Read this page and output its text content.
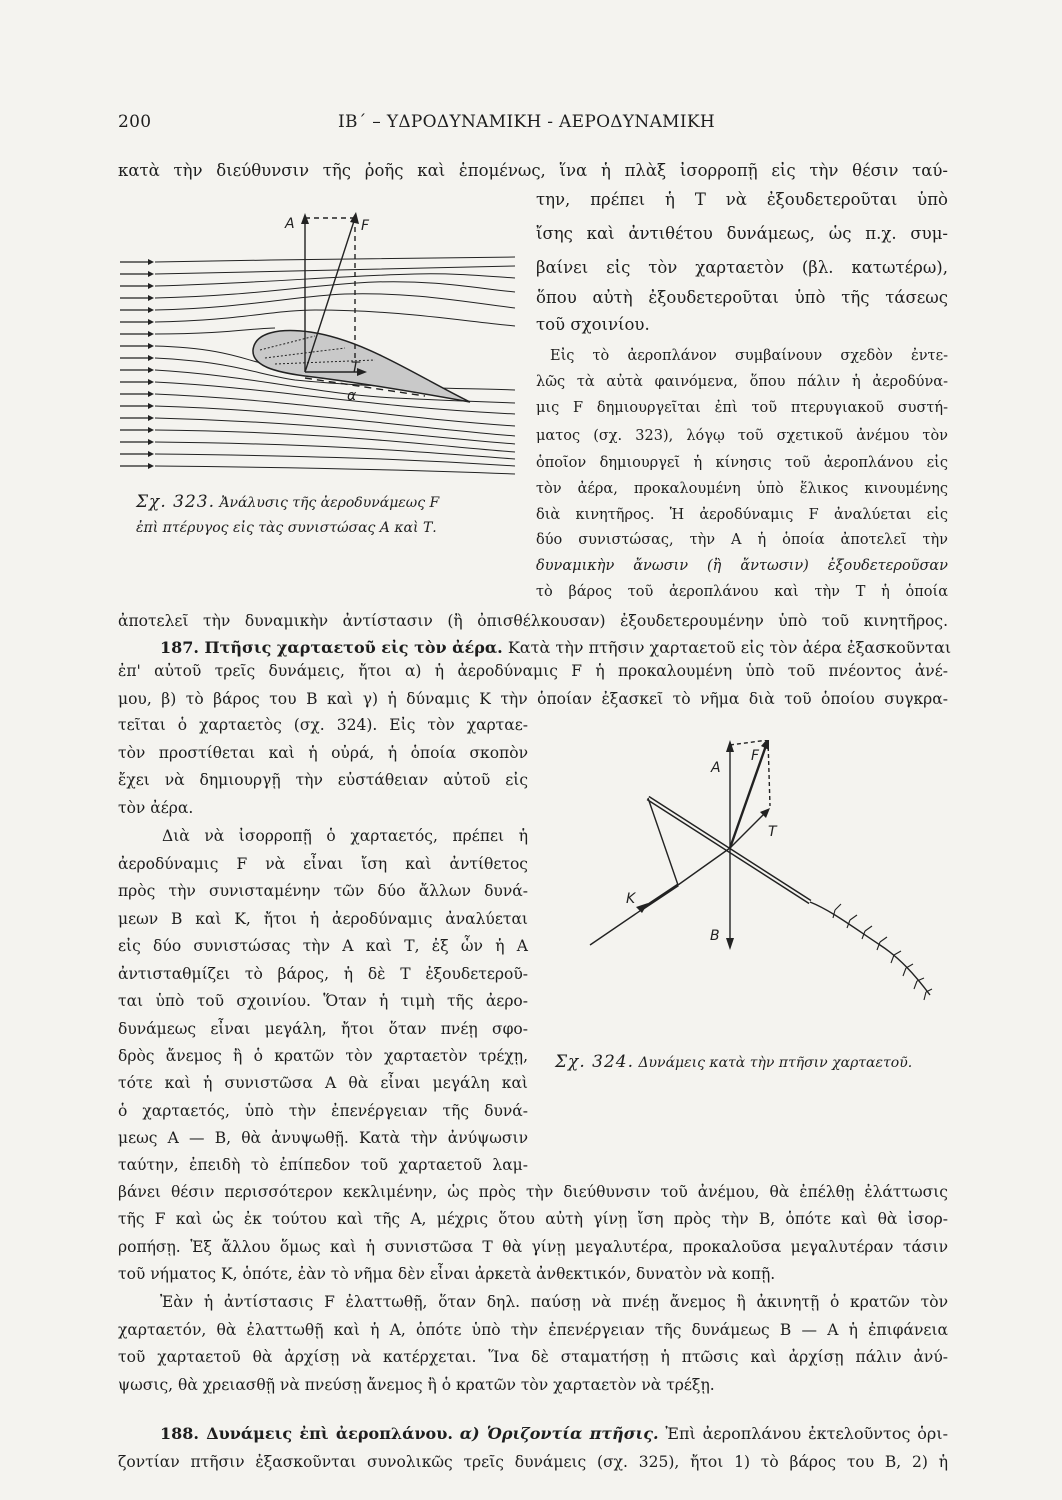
200	ΙΒ΄ – ΥΔΡΟΔΥΝΑΜΙΚΗ - ΑΕΡΟΔΥΝΑΜΙΚΗ
κατὰ τὴν διεύθυνσιν τῆς ῥοῆς καὶ ἑπομένως, ἵνα ἡ πλὰξ ἰσορροπῇ εἰς τὴν θέσιν ταύ-
την, πρέπει ἡ Τ νὰ ἐξουδετεροῦται ὑπὸ
ἴσης καὶ ἀντιθέτου δυνάμεως, ὡς π.χ. συμ-
βαίνει εἰς τὸν χαρταετὸν (βλ. κατωτέρω),
ὅπου αὐτὴ ἐξουδετεροῦται ὑπὸ τῆς τάσεως
τοῦ σχοινίου.
Εἰς τὸ ἀεροπλάνον συμβαίνουν σχεδὸν ἐντε-
λῶς τὰ αὐτὰ φαινόμενα, ὅπου πάλιν ἡ ἀεροδύνα-
μις F δημιουργεῖται ἐπὶ τοῦ πτερυγιακοῦ συστή-
ματος (σχ. 323), λόγῳ τοῦ σχετικοῦ ἀνέμου τὸν
ὁποῖον δημιουργεῖ ἡ κίνησις τοῦ ἀεροπλάνου εἰς
τὸν ἀέρα, προκαλουμένη ὑπὸ ἕλικος κινουμένης
διὰ κινητῆρος. Ἡ ἀεροδύναμις F ἀναλύεται εἰς
δύο συνιστώσας, τὴν Α ἡ ὁποία ἀποτελεῖ τὴν
δυναμικὴν ἄνωσιν (ἢ ἄντωσιν) ἐξουδετεροῦσαν
τὸ βάρος τοῦ ἀεροπλάνου καὶ τὴν Τ ἡ ὁποία
ἀποτελεῖ τὴν δυναμικὴν ἀντίστασιν (ἢ ὀπισθέλκουσαν) ἐξουδετερουμένην ὑπὸ τοῦ κινητῆρος.
A	F
T
α
Σχ. 323. Ἀνάλυσις τῆς ἀεροδυνάμεως F
ἐπὶ πτέρυγος εἰς τὰς συνιστώσας Α καὶ Τ.
187. Πτῆσις χαρταετοῦ εἰς τὸν ἀέρα. Κατὰ τὴν πτῆσιν χαρταετοῦ εἰς τὸν ἀέρα ἐξασκοῦνται
ἐπ' αὐτοῦ τρεῖς δυνάμεις, ἤτοι α) ἡ ἀεροδύναμις F ἡ προκαλουμένη ὑπὸ τοῦ πνέοντος ἀνέ-
μου, β) τὸ βάρος του Β καὶ γ) ἡ δύναμις Κ τὴν ὁποίαν ἐξασκεῖ τὸ νῆμα διὰ τοῦ ὁποίου συγκρα-
τεῖται ὁ χαρταετὸς (σχ. 324). Εἰς τὸν χαρταε-
τὸν προστίθεται καὶ ἡ οὐρά, ἡ ὁποία σκοπὸν
ἔχει νὰ δημιουργῇ τὴν εὐστάθειαν αὐτοῦ εἰς
τὸν ἀέρα.
Διὰ νὰ ἰσορροπῇ ὁ χαρταετός, πρέπει ἡ
ἀεροδύναμις F νὰ εἶναι ἴση καὶ ἀντίθετος
πρὸς τὴν συνισταμένην τῶν δύο ἄλλων δυνά-
μεων Β καὶ Κ, ἤτοι ἡ ἀεροδύναμις ἀναλύεται
εἰς δύο συνιστώσας τὴν Α καὶ Τ, ἐξ ὧν ἡ Α
ἀντισταθμίζει τὸ βάρος, ἡ δὲ Τ ἐξουδετεροῦ-
ται ὑπὸ τοῦ σχοινίου. Ὅταν ἡ τιμὴ τῆς ἀερο-
δυνάμεως εἶναι μεγάλη, ἤτοι ὅταν πνέῃ σφο-
δρὸς ἄνεμος ἢ ὁ κρατῶν τὸν χαρταετὸν τρέχῃ,
τότε καὶ ἡ συνιστῶσα Α θὰ εἶναι μεγάλη καὶ
ὁ χαρταετός, ὑπὸ τὴν ἐπενέργειαν τῆς δυνά-
μεως Α — Β, θὰ ἀνυψωθῇ. Κατὰ τὴν ἀνύψωσιν
ταύτην, ἐπειδὴ τὸ ἐπίπεδον τοῦ χαρταετοῦ λαμ-
A
F
T
K
B
Σχ. 324. Δυνάμεις κατὰ τὴν πτῆσιν χαρταετοῦ.
βάνει θέσιν περισσότερον κεκλιμένην, ὡς πρὸς τὴν διεύθυνσιν τοῦ ἀνέμου, θὰ ἐπέλθῃ ἐλάττωσις
τῆς F καὶ ὡς ἐκ τούτου καὶ τῆς Α, μέχρις ὅτου αὐτὴ γίνῃ ἴση πρὸς τὴν Β, ὁπότε καὶ θὰ ἰσορ-
ροπήσῃ. Ἐξ ἄλλου ὅμως καὶ ἡ συνιστῶσα Τ θὰ γίνῃ μεγαλυτέρα, προκαλοῦσα μεγαλυτέραν τάσιν
τοῦ νήματος Κ, ὁπότε, ἐὰν τὸ νῆμα δὲν εἶναι ἀρκετὰ ἀνθεκτικόν, δυνατὸν νὰ κοπῇ.
Ἐὰν ἡ ἀντίστασις F ἐλαττωθῇ, ὅταν δηλ. παύσῃ νὰ πνέῃ ἄνεμος ἢ ἀκινητῇ ὁ κρατῶν τὸν
χαρταετόν, θὰ ἐλαττωθῇ καὶ ἡ Α, ὁπότε ὑπὸ τὴν ἐπενέργειαν τῆς δυνάμεως Β — Α ἡ ἐπιφάνεια
τοῦ χαρταετοῦ θὰ ἀρχίσῃ νὰ κατέρχεται. Ἵνα δὲ σταματήσῃ ἡ πτῶσις καὶ ἀρχίσῃ πάλιν ἀνύ-
ψωσις, θὰ χρειασθῇ νὰ πνεύσῃ ἄνεμος ἢ ὁ κρατῶν τὸν χαρταετὸν νὰ τρέξῃ.
188. Δυνάμεις ἐπὶ ἀεροπλάνου. α) Ὁριζοντία πτῆσις. Ἐπὶ ἀεροπλάνου ἐκτελοῦντος ὁρι-
ζοντίαν πτῆσιν ἐξασκοῦνται συνολικῶς τρεῖς δυνάμεις (σχ. 325), ἤτοι 1) τὸ βάρος του Β, 2) ἡ
